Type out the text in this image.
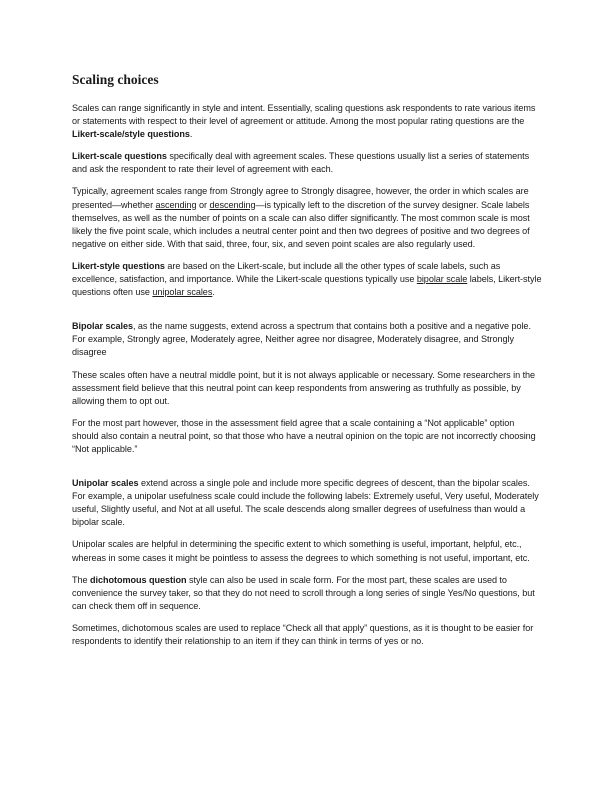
Scaling choices

Scales can range significantly in style and intent. Essentially, scaling questions ask respondents to rate various items or statements with respect to their level of agreement or attitude. Among the most popular rating questions are the Likert-scale/style questions.

Likert-scale questions specifically deal with agreement scales. These questions usually list a series of statements and ask the respondent to rate their level of agreement with each.

Typically, agreement scales range from Strongly agree to Strongly disagree, however, the order in which scales are presented—whether ascending or descending—is typically left to the discretion of the survey designer. Scale labels themselves, as well as the number of points on a scale can also differ significantly. The most common scale is most likely the five point scale, which includes a neutral center point and then two degrees of positive and two degrees of negative on either side. With that said, three, four, six, and seven point scales are also regularly used.

Likert-style questions are based on the Likert-scale, but include all the other types of scale labels, such as excellence, satisfaction, and importance. While the Likert-scale questions typically use bipolar scale labels, Likert-style questions often use unipolar scales.

Bipolar scales, as the name suggests, extend across a spectrum that contains both a positive and a negative pole. For example, Strongly agree, Moderately agree, Neither agree nor disagree, Moderately disagree, and Strongly disagree

These scales often have a neutral middle point, but it is not always applicable or necessary. Some researchers in the assessment field believe that this neutral point can keep respondents from answering as truthfully as possible, by allowing them to opt out.

For the most part however, those in the assessment field agree that a scale containing a “Not applicable” option should also contain a neutral point, so that those who have a neutral opinion on the topic are not incorrectly choosing “Not applicable.”

Unipolar scales extend across a single pole and include more specific degrees of descent, than the bipolar scales. For example, a unipolar usefulness scale could include the following labels: Extremely useful, Very useful, Moderately useful, Slightly useful, and Not at all useful. The scale descends along smaller degrees of usefulness than would a bipolar scale.

Unipolar scales are helpful in determining the specific extent to which something is useful, important, helpful, etc., whereas in some cases it might be pointless to assess the degrees to which something is not useful, important, etc.

The dichotomous question style can also be used in scale form. For the most part, these scales are used to convenience the survey taker, so that they do not need to scroll through a long series of single Yes/No questions, but can check them off in sequence.

Sometimes, dichotomous scales are used to replace “Check all that apply” questions, as it is thought to be easier for respondents to identify their relationship to an item if they can think in terms of yes or no.
